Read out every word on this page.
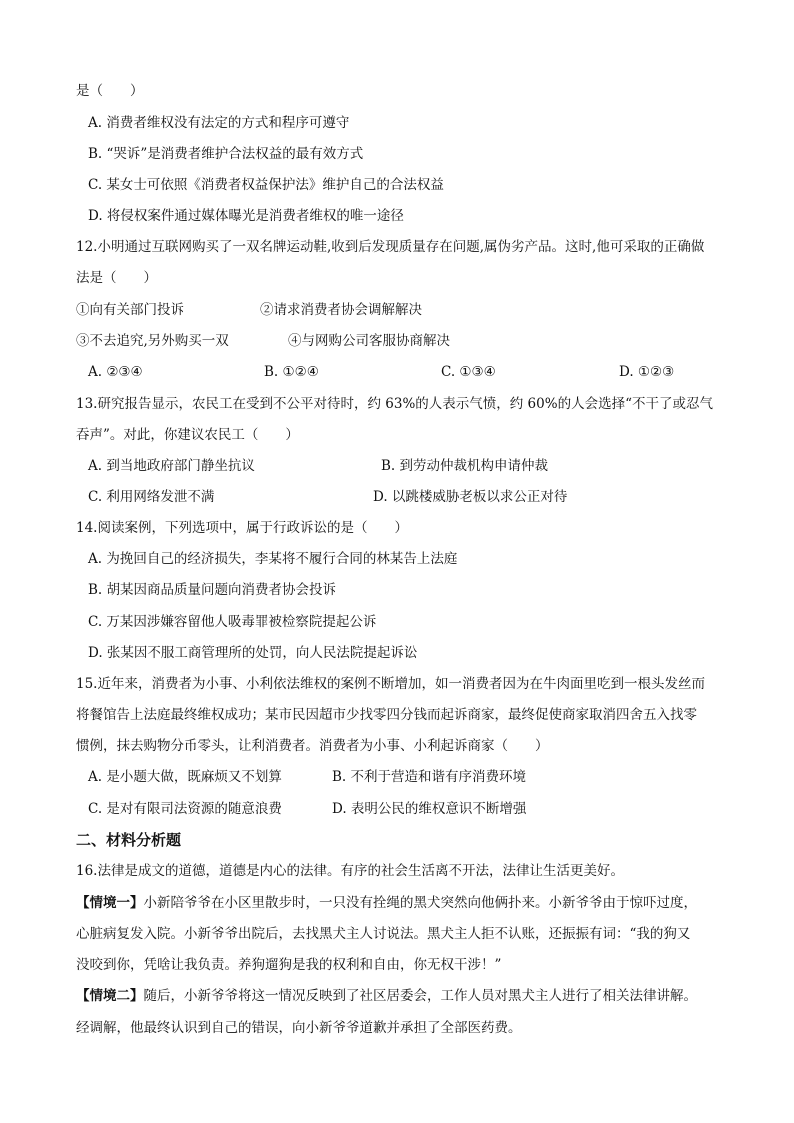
是（　　）
A. 消费者维权没有法定的方式和程序可遵守
B. “哭诉”是消费者维护合法权益的最有效方式
C. 某女士可依照《消费者权益保护法》维护自己的合法权益
D. 将侵权案件通过媒体曝光是消费者维权的唯一途径
12.小明通过互联网购买了一双名牌运动鞋,收到后发现质量存在问题,属伪劣产品。这时,他可采取的正确做
法是（　　）
①向有关部门投诉	②请求消费者协会调解解决
③不去追究,另外购买一双	④与网购公司客服协商解决
A. ②③④	B. ①②④	C. ①③④	D. ①②③
13.研究报告显示，农民工在受到不公平对待时，约 63%的人表示气愤，约 60%的人会选择“不干了或忍气
吞声”。对此，你建议农民工（　　）
A. 到当地政府部门静坐抗议	B. 到劳动仲裁机构申请仲裁
C. 利用网络发泄不满	D. 以跳楼威胁老板以求公正对待
14.阅读案例，下列选项中，属于行政诉讼的是（　　）
A. 为挽回自己的经济损失，李某将不履行合同的林某告上法庭
B. 胡某因商品质量问题向消费者协会投诉
C. 万某因涉嫌容留他人吸毒罪被检察院提起公诉
D. 张某因不服工商管理所的处罚，向人民法院提起诉讼
15.近年来，消费者为小事、小利依法维权的案例不断增加，如一消费者因为在牛肉面里吃到一根头发丝而
将餐馆告上法庭最终维权成功；某市民因超市少找零四分钱而起诉商家，最终促使商家取消四舍五入找零
惯例，抹去购物分币零头，让利消费者。消费者为小事、小利起诉商家（　　）
A. 是小题大做，既麻烦又不划算	B. 不利于营造和谐有序消费环境
C. 是对有限司法资源的随意浪费	D. 表明公民的维权意识不断增强
二、材料分析题
16.法律是成文的道德，道德是内心的法律。有序的社会生活离不开法，法律让生活更美好。
【情境一】小新陪爷爷在小区里散步时，一只没有拴绳的黑犬突然向他俩扑来。小新爷爷由于惊吓过度，
心脏病复发入院。小新爷爷出院后，去找黑犬主人讨说法。黑犬主人拒不认账，还振振有词：“我的狗又
没咬到你，凭啥让我负责。养狗遛狗是我的权利和自由，你无权干涉！”
【情境二】随后，小新爷爷将这一情况反映到了社区居委会，工作人员对黑犬主人进行了相关法律讲解。
经调解，他最终认识到自己的错误，向小新爷爷道歉并承担了全部医药费。
